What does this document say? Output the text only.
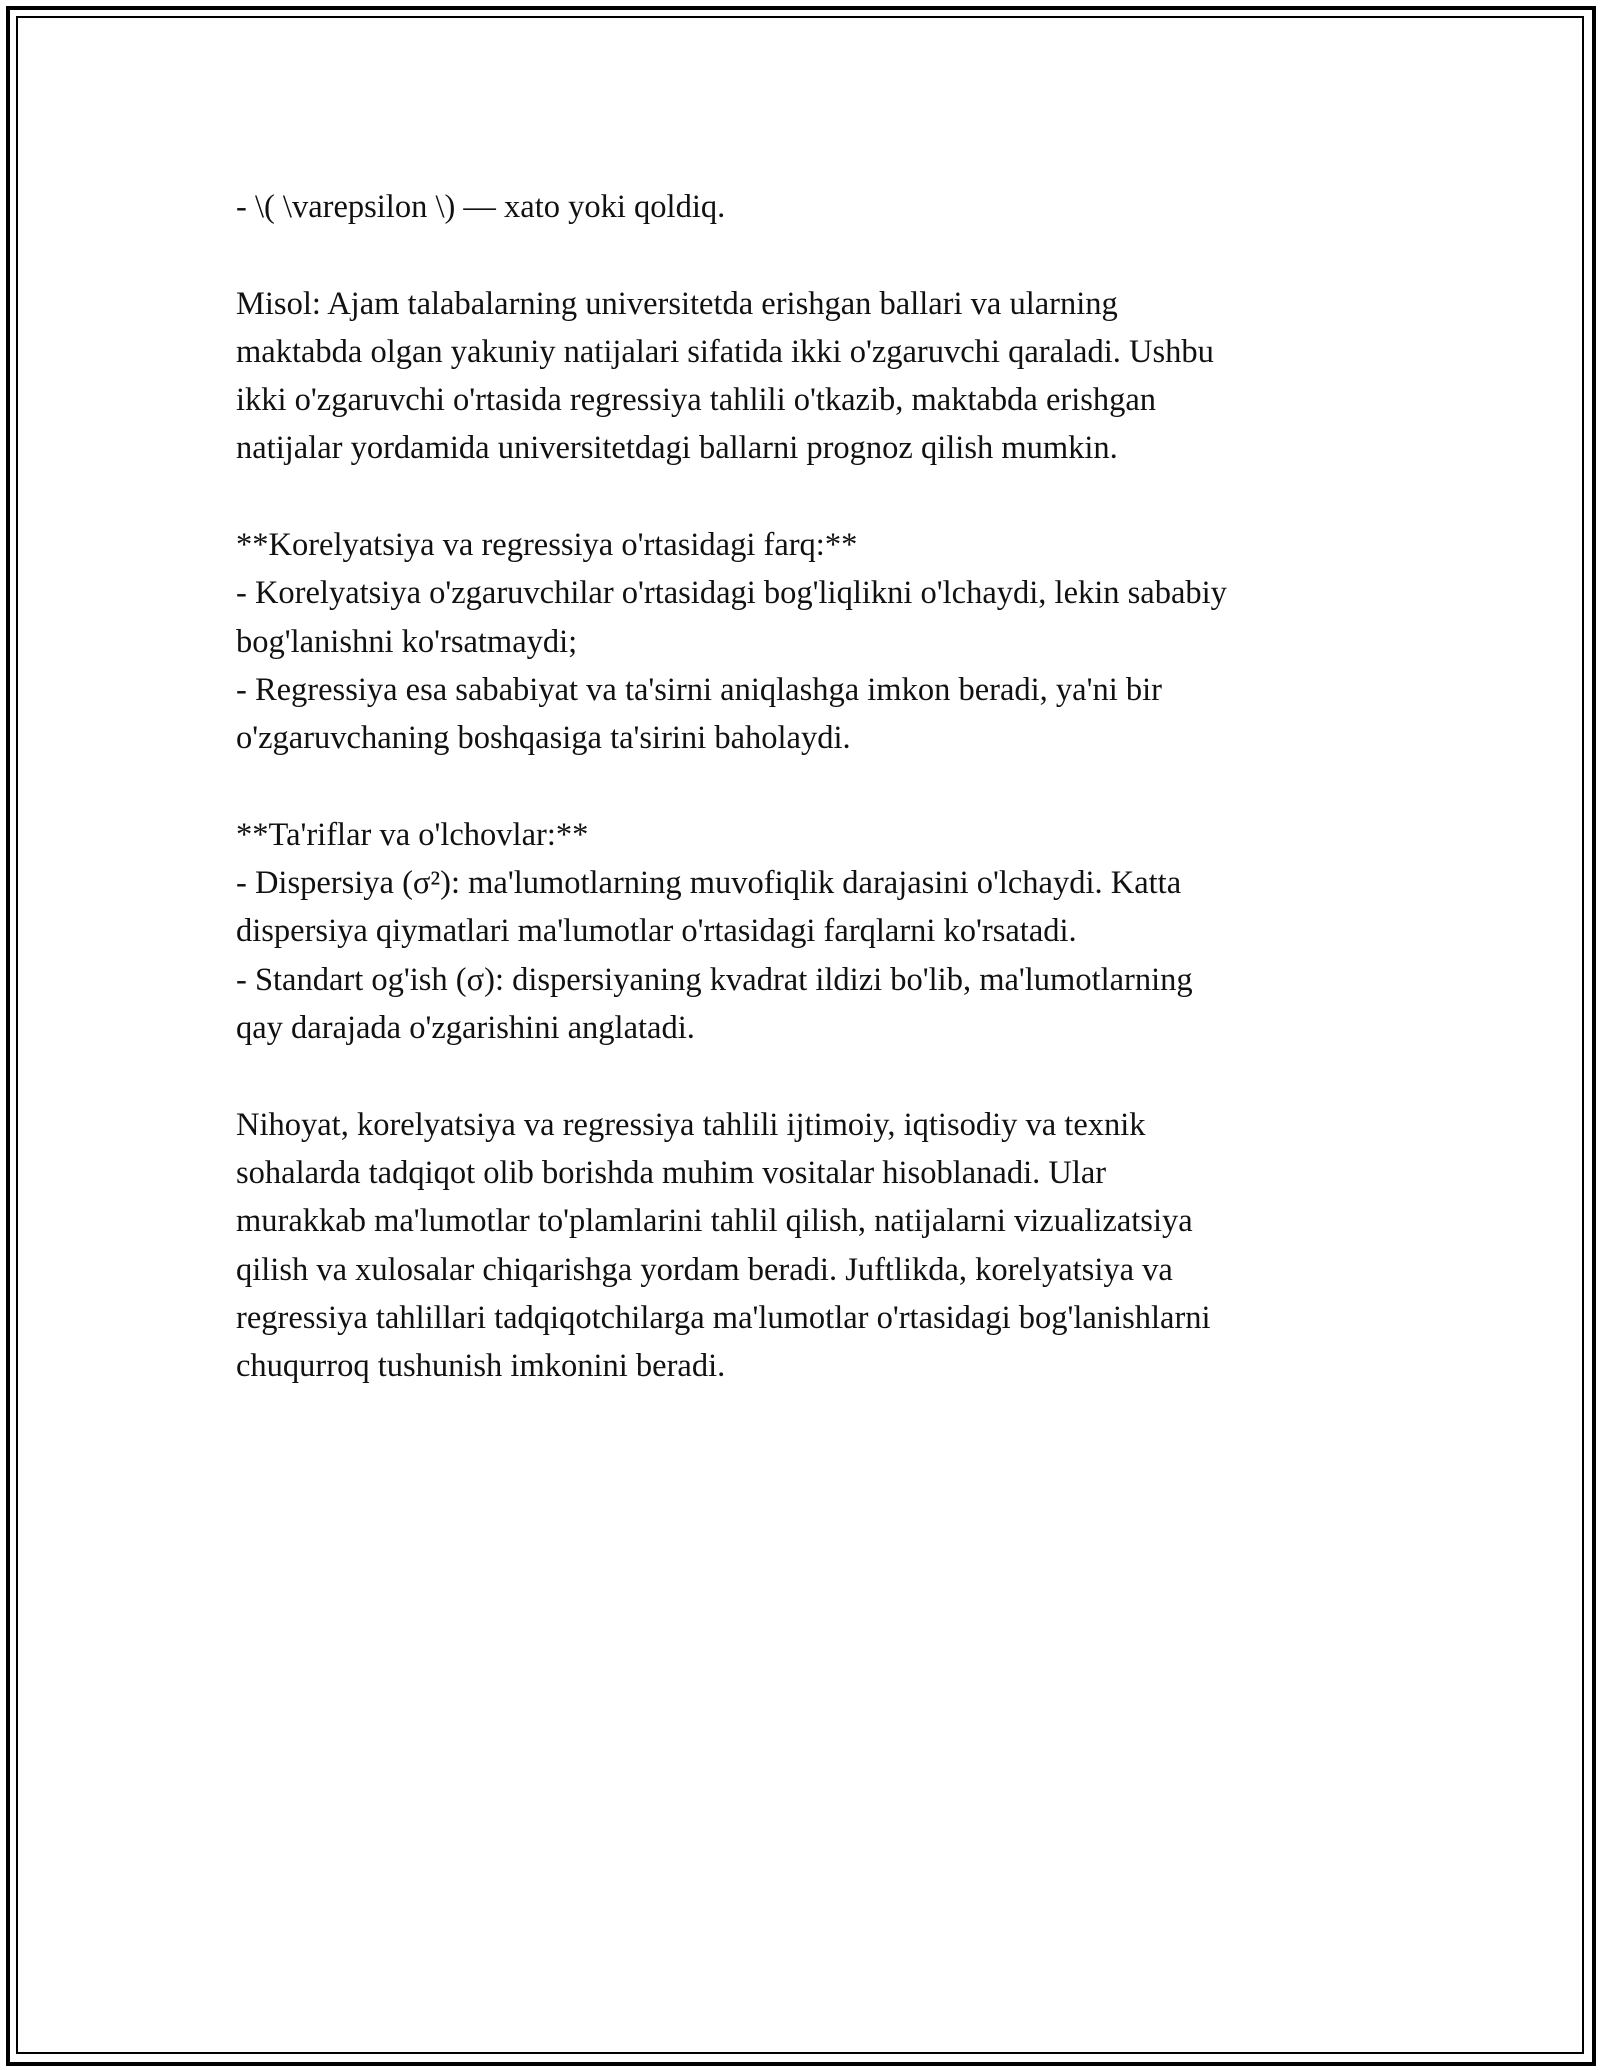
- \( \varepsilon \) — xato yoki qoldiq.
Misol: Ajam talabalarning universitetda erishgan ballari va ularning
maktabda olgan yakuniy natijalari sifatida ikki o'zgaruvchi qaraladi. Ushbu
ikki o'zgaruvchi o'rtasida regressiya tahlili o'tkazib, maktabda erishgan
natijalar yordamida universitetdagi ballarni prognoz qilish mumkin.
**Korelyatsiya va regressiya o'rtasidagi farq:**
- Korelyatsiya o'zgaruvchilar o'rtasidagi bog'liqlikni o'lchaydi, lekin sababiy
bog'lanishni ko'rsatmaydi;
- Regressiya esa sababiyat va ta'sirni aniqlashga imkon beradi, ya'ni bir
o'zgaruvchaning boshqasiga ta'sirini baholaydi.
**Ta'riflar va o'lchovlar:**
- Dispersiya (σ²): ma'lumotlarning muvofiqlik darajasini o'lchaydi. Katta
dispersiya qiymatlari ma'lumotlar o'rtasidagi farqlarni ko'rsatadi.
- Standart og'ish (σ): dispersiyaning kvadrat ildizi bo'lib, ma'lumotlarning
qay darajada o'zgarishini anglatadi.
Nihoyat, korelyatsiya va regressiya tahlili ijtimoiy, iqtisodiy va texnik
sohalarda tadqiqot olib borishda muhim vositalar hisoblanadi. Ular
murakkab ma'lumotlar to'plamlarini tahlil qilish, natijalarni vizualizatsiya
qilish va xulosalar chiqarishga yordam beradi. Juftlikda, korelyatsiya va
regressiya tahlillari tadqiqotchilarga ma'lumotlar o'rtasidagi bog'lanishlarni
chuqurroq tushunish imkonini beradi.
